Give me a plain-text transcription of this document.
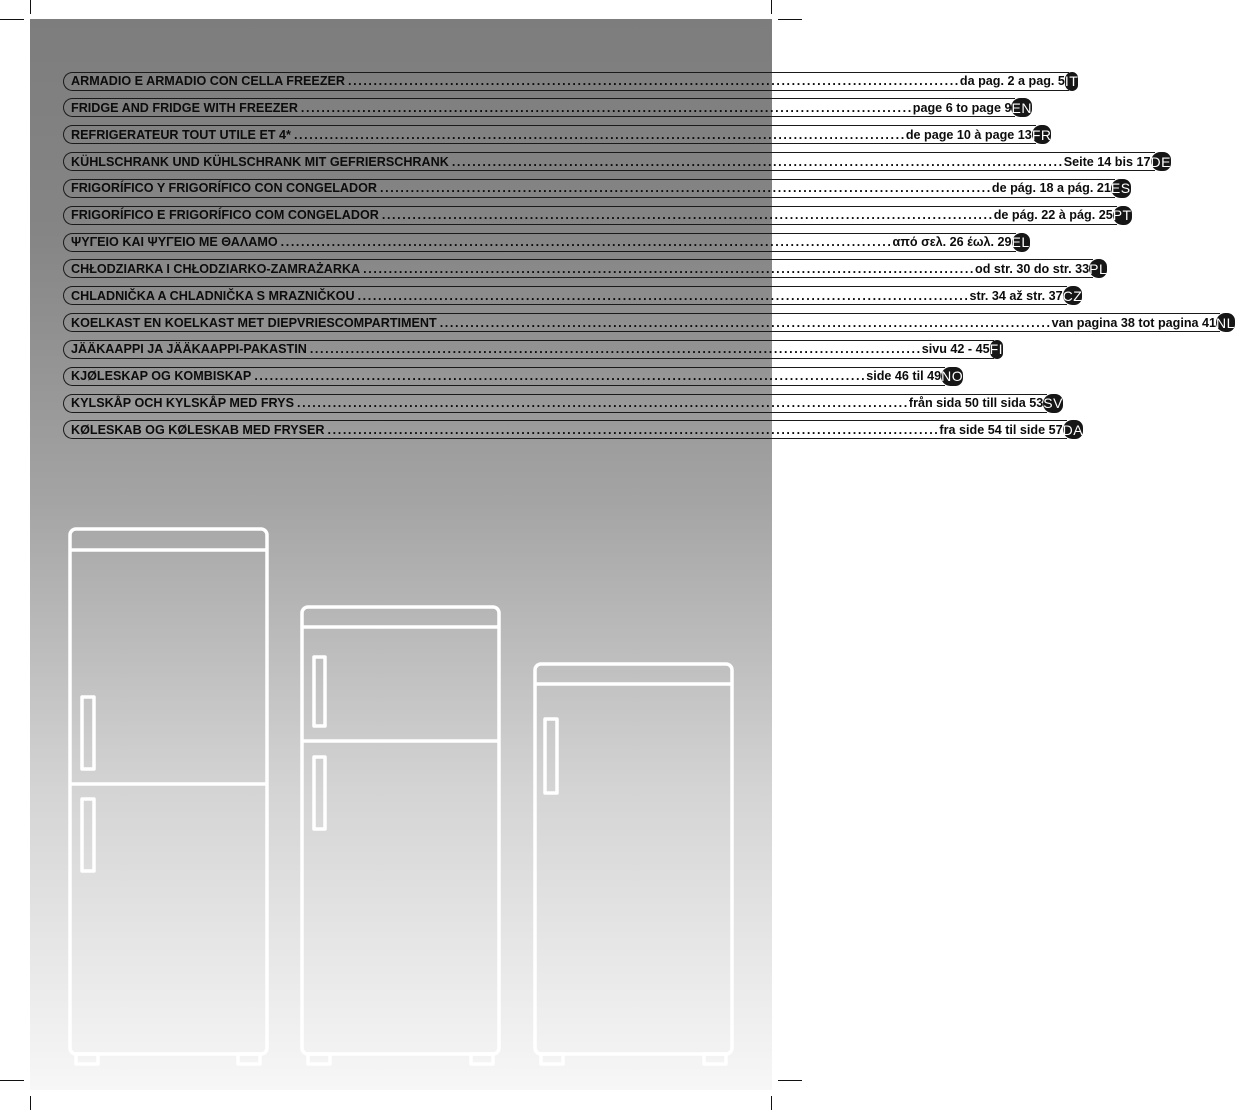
ARMADIO E ARMADIO CON CELLA FREEZER ........................................................................................................................ da pag. 2 a pag. 5 IT
FRIDGE AND FRIDGE WITH FREEZER ........................................................................................................................ page 6 to page 9 EN
REFRIGERATEUR TOUT UTILE ET 4* ........................................................................................................................ de page 10 à page 13 FR
KÜHLSCHRANK UND KÜHLSCHRANK MIT GEFRIERSCHRANK ........................................................................................................................ Seite 14 bis 17 DE
FRIGORÍFICO Y FRIGORÍFICO CON CONGELADOR ........................................................................................................................ de pág. 18 a pág. 21 ES
FRIGORÍFICO E FRIGORÍFICO COM CONGELADOR ........................................................................................................................ de pág. 22 à pág. 25 PT
ΨΥΓΕΙΟ ΚΑΙ ΨΥΓΕΙΟ ΜΕ ΘΑΛΑΜΟ ........................................................................................................................ από σελ. 26 έωλ. 29 EL
CHŁODZIARKA I CHŁODZIARKO-ZAMRAŻARKA ........................................................................................................................ od str. 30 do str. 33 PL
CHLADNIČKA A CHLADNIČKA S MRAZNIČKOU ........................................................................................................................ str. 34 až str. 37 CZ
KOELKAST EN KOELKAST MET DIEPVRIESCOMPARTIMENT ........................................................................................................................ van pagina 38 tot pagina 41 NL
JÄÄKAAPPI JA JÄÄKAAPPI-PAKASTIN ........................................................................................................................ sivu 42 - 45 FI
KJØLESKAP OG KOMBISKAP ........................................................................................................................ side 46 til 49 NO
KYLSKÅP OCH KYLSKÅP MED FRYS ........................................................................................................................ från sida 50 till sida 53 SV
KØLESKAB OG KØLESKAB MED FRYSER ........................................................................................................................ fra side 54 til side 57 DA
